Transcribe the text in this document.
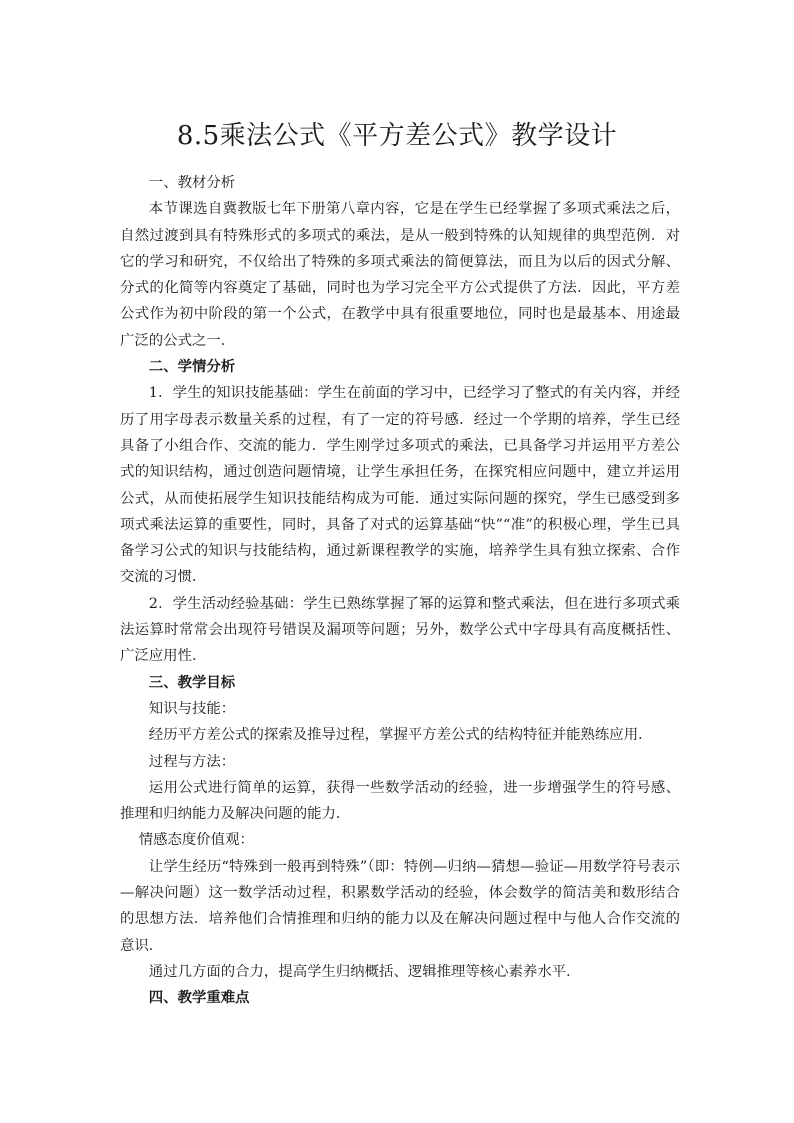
8.5乘法公式《平方差公式》教学设计

一、教材分析

本节课选自冀教版七年下册第八章内容，它是在学生已经掌握了多项式乘法之后，自然过渡到具有特殊形式的多项式的乘法，是从一般到特殊的认知规律的典型范例．对它的学习和研究，不仅给出了特殊的多项式乘法的简便算法，而且为以后的因式分解、分式的化简等内容奠定了基础，同时也为学习完全平方公式提供了方法．因此，平方差公式作为初中阶段的第一个公式，在教学中具有很重要地位，同时也是最基本、用途最广泛的公式之一．

二、学情分析

1．学生的知识技能基础：学生在前面的学习中，已经学习了整式的有关内容，并经历了用字母表示数量关系的过程，有了一定的符号感．经过一个学期的培养，学生已经具备了小组合作、交流的能力．学生刚学过多项式的乘法，已具备学习并运用平方差公式的知识结构，通过创造问题情境，让学生承担任务，在探究相应问题中，建立并运用公式，从而使拓展学生知识技能结构成为可能．通过实际问题的探究，学生已感受到多项式乘法运算的重要性，同时，具备了对式的运算基础“快”“准”的积极心理，学生已具备学习公式的知识与技能结构，通过新课程教学的实施，培养学生具有独立探索、合作交流的习惯．

2．学生活动经验基础：学生已熟练掌握了幂的运算和整式乘法，但在进行多项式乘法运算时常常会出现符号错误及漏项等问题；另外，数学公式中字母具有高度概括性、广泛应用性．

三、教学目标

知识与技能：

经历平方差公式的探索及推导过程，掌握平方差公式的结构特征并能熟练应用．

过程与方法：

运用公式进行简单的运算，获得一些数学活动的经验，进一步增强学生的符号感、推理和归纳能力及解决问题的能力．

情感态度价值观：

让学生经历“特殊到一般再到特殊”（即：特例—归纳—猜想—验证—用数学符号表示—解决问题）这一数学活动过程，积累数学活动的经验，体会数学的简洁美和数形结合的思想方法．培养他们合情推理和归纳的能力以及在解决问题过程中与他人合作交流的意识．

通过几方面的合力，提高学生归纳概括、逻辑推理等核心素养水平．

四、教学重难点
